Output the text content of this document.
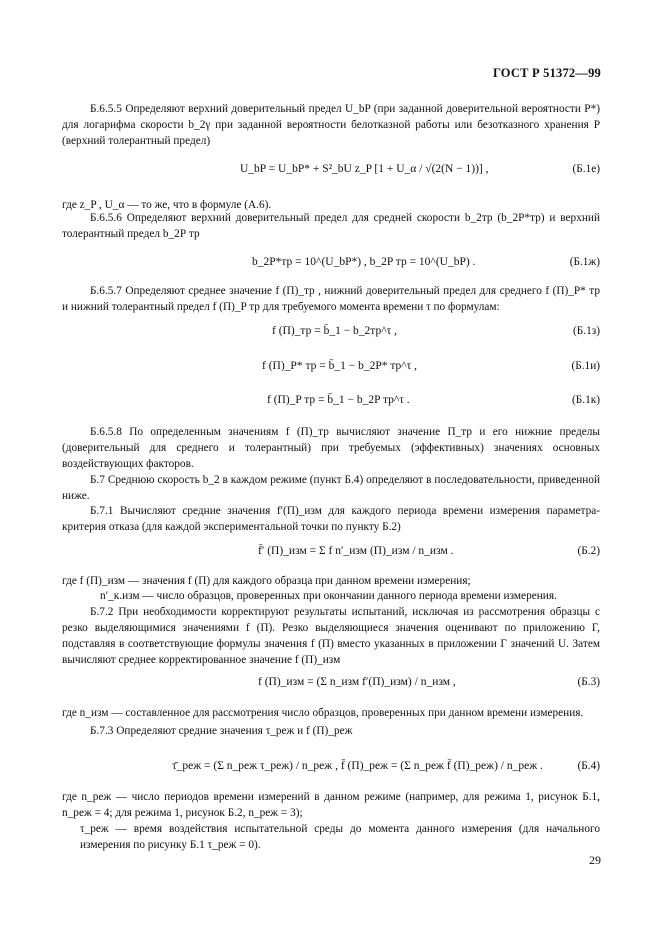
ГОСТ Р 51372—99
Б.6.5.5 Определяют верхний доверительный предел U_bP (при заданной доверительной вероятности P*) для логарифма скорости b_2γ при заданной вероятности белотказной работы или безотказного хранения P (верхний толерантный предел)
U_bP = U_bP* + S²_bU z_P [1 + U_α / √(2(N − 1))] ,	(Б.1е)
где z_P , U_α — то же, что в формуле (А.6).
Б.6.5.6 Определяют верхний доверительный предел для средней скорости b_2тр (b_2P*тр) и верхний толерантный предел b_2Р тр
b_2P*тр = 10^(U_bP*) , b_2P тр = 10^(U_bP) .	(Б.1ж)
Б.6.5.7 Определяют среднее значение f (П)_тр , нижний доверительный предел для среднего f (П)_P* тр и нижний толерантный предел f (П)_P тр для требуемого момента времени τ по формулам:
f (П)_тр = b̄_1 − b_2тр^τ ,	(Б.1з)
f (П)_P* тр = b̄_1 − b_2P* тр^τ ,	(Б.1и)
f (П)_P тр = b̄_1 − b_2P тр^τ .	(Б.1к)
Б.6.5.8 По определенным значениям f (П)_тр вычисляют значение П_тр и его нижние пределы (доверительный для среднего и толерантный) при требуемых (эффективных) значениях основных воздействующих факторов.
Б.7 Среднюю скорость b_2 в каждом режиме (пункт Б.4) определяют в последовательности, приведенной ниже.
Б.7.1 Вычисляют средние значения f′(П)_изм для каждого периода времени измерения параметра-критерия отказа (для каждой экспериментальной точки по пункту Б.2)
f̄′ (П)_изм = Σ f n′_изм (П)_изм / n_изм .	(Б.2)
где f (П)_изм — значения f (П) для каждого образца при данном времени измерения;
n′_к.изм — число образцов, проверенных при окончании данного периода времени измерения.
Б.7.2 При необходимости корректируют результаты испытаний, исключая из рассмотрения образцы с резко выделяющимися значениями f (П). Резко выделяющиеся значения оценивают по приложению Г, подставляя в соответствующие формулы значения f (П) вместо указанных в приложении Г значений U. Затем вычисляют среднее корректированное значение f (П)_изм
f (П)_изм = (Σ n_изм f′(П)_изм) / n_изм ,	(Б.3)
где n_изм — составленное для рассмотрения число образцов, проверенных при данном времени измерения.
Б.7.3 Определяют средние значения τ_реж и f (П)_реж
τ̄_реж = (Σ n_реж τ_реж) / n_реж , f̄ (П)_реж = (Σ n_реж f̄ (П)_реж) / n_реж .	(Б.4)
где n_реж — число периодов времени измерений в данном режиме (например, для режима 1, рисунок Б.1, n_реж = 4; для режима 1, рисунок Б.2, n_реж = 3);
τ_реж — время воздействия испытательной среды до момента данного измерения (для начального измерения по рисунку Б.1 τ_реж = 0).
29
